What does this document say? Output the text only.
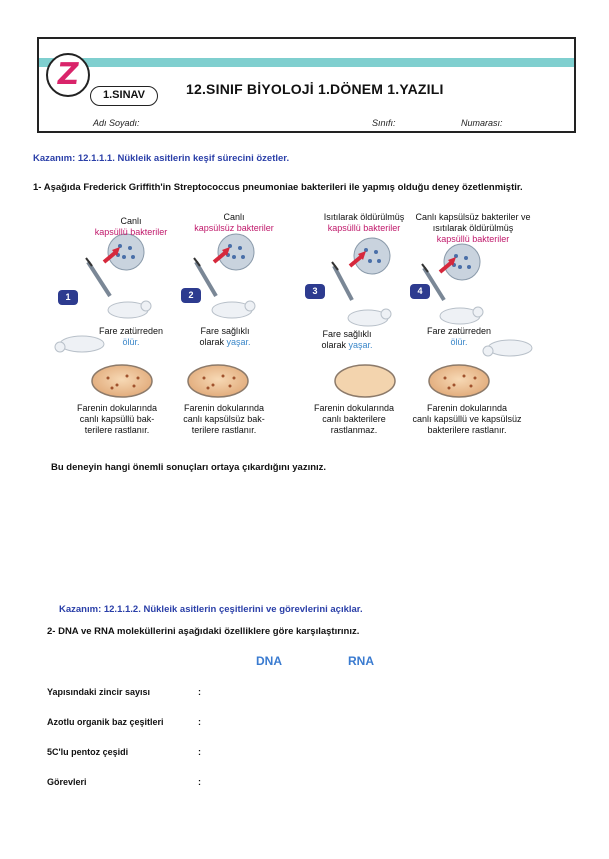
Z
1.SINAV	12.SINIF BİYOLOJİ 1.DÖNEM 1.YAZILI
Adı Soyadı:	Sınıfı:	Numarası:
Kazanım: 12.1.1.1. Nükleik asitlerin keşif sürecini özetler.
1- Aşağıda Frederick Griffith'in Streptococcus pneumoniae bakterileri ile yapmış olduğu deney özetlenmiştir.
1	2	3	4
Canlı
kapsüllü bakteriler
Fare zatürreden
ölür.
Farenin dokularında
canlı kapsüllü bak-
terilere rastlanır.
Canlı
kapsülsüz bakteriler
Fare sağlıklı
olarak yaşar.
Farenin dokularında
canlı kapsülsüz bak-
terilere rastlanır.
Isıtılarak öldürülmüş
kapsüllü bakteriler
Fare sağlıklı
olarak yaşar.
Farenin dokularında
canlı bakterilere
rastlanmaz.
Canlı kapsülsüz bakteriler ve
ısıtılarak öldürülmüş
kapsüllü bakteriler
Fare zatürreden
ölür.
Farenin dokularında
canlı kapsüllü ve kapsülsüz
bakterilere rastlanır.
Bu deneyin hangi önemli sonuçları ortaya çıkardığını yazınız.
Kazanım: 12.1.1.2. Nükleik asitlerin çeşitlerini ve görevlerini açıklar.
2- DNA ve RNA moleküllerini aşağıdaki özelliklere göre karşılaştırınız.
DNA	RNA
Yapısındaki zincir sayısı	:
Azotlu organik baz çeşitleri	:
5C'lu pentoz çeşidi	:
Görevleri	:
